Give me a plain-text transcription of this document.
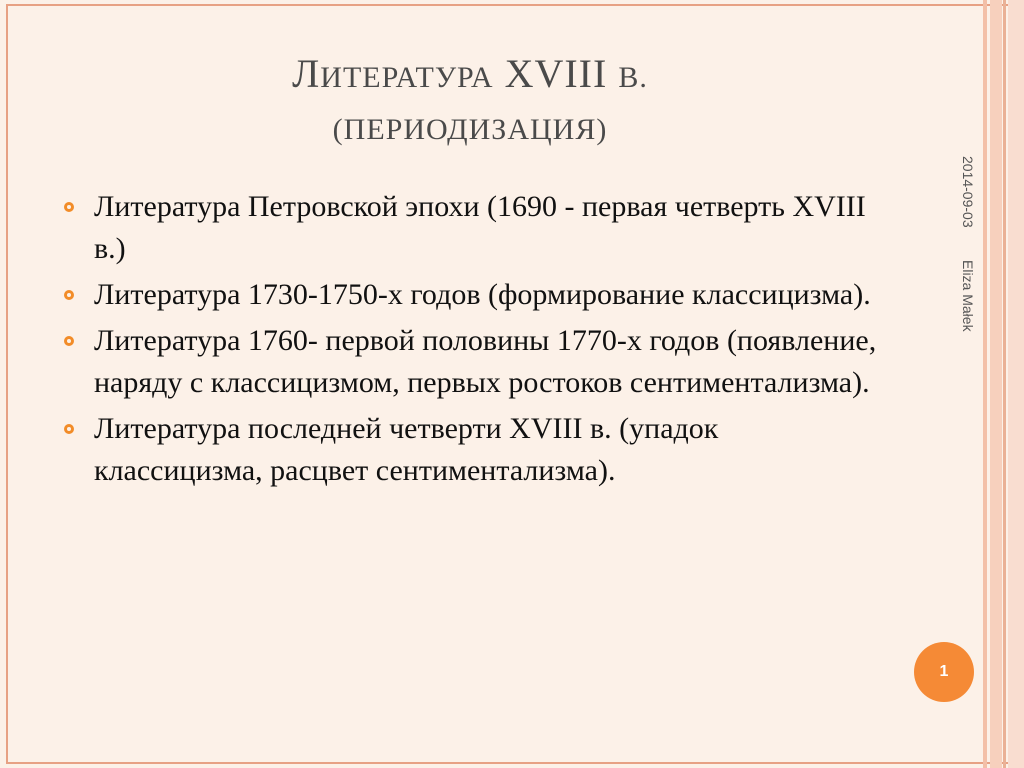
ЛИТЕРАТУРА XVIII В.
(ПЕРИОДИЗАЦИЯ)
Литература Петровской эпохи (1690 - первая четверть XVIII в.)
Литература 1730-1750-х годов (формирование классицизма).
Литература 1760- первой половины 1770-х годов (появление, наряду с классицизмом, первых ростоков сентиментализма).
Литература последней четверти XVIII в. (упадок классицизма, расцвет сентиментализма).
2014-09-03 Eliza Małek
1
